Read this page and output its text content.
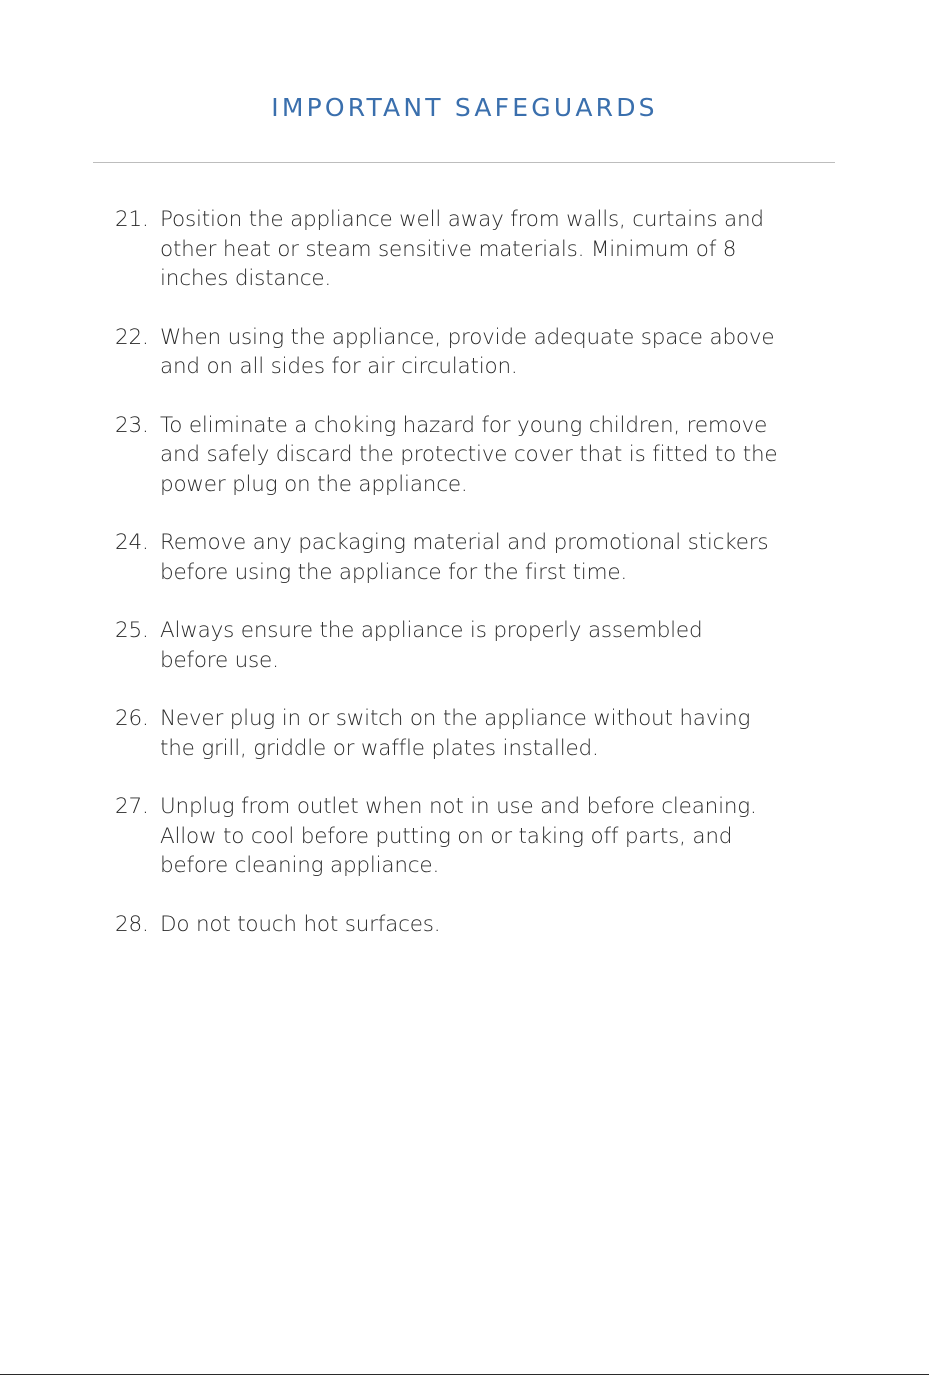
IMPORTANT SAFEGUARDS
21. Position the appliance well away from walls, curtains and
other heat or steam sensitive materials. Minimum of 8
inches distance.
22. When using the appliance, provide adequate space above
and on all sides for air circulation.
23. To eliminate a choking hazard for young children, remove
and safely discard the protective cover that is fitted to the
power plug on the appliance.
24. Remove any packaging material and promotional stickers
before using the appliance for the first time.
25. Always ensure the appliance is properly assembled
before use.
26. Never plug in or switch on the appliance without having
the grill, griddle or waffle plates installed.
27. Unplug from outlet when not in use and before cleaning.
Allow to cool before putting on or taking off parts, and
before cleaning appliance.
28. Do not touch hot surfaces.
